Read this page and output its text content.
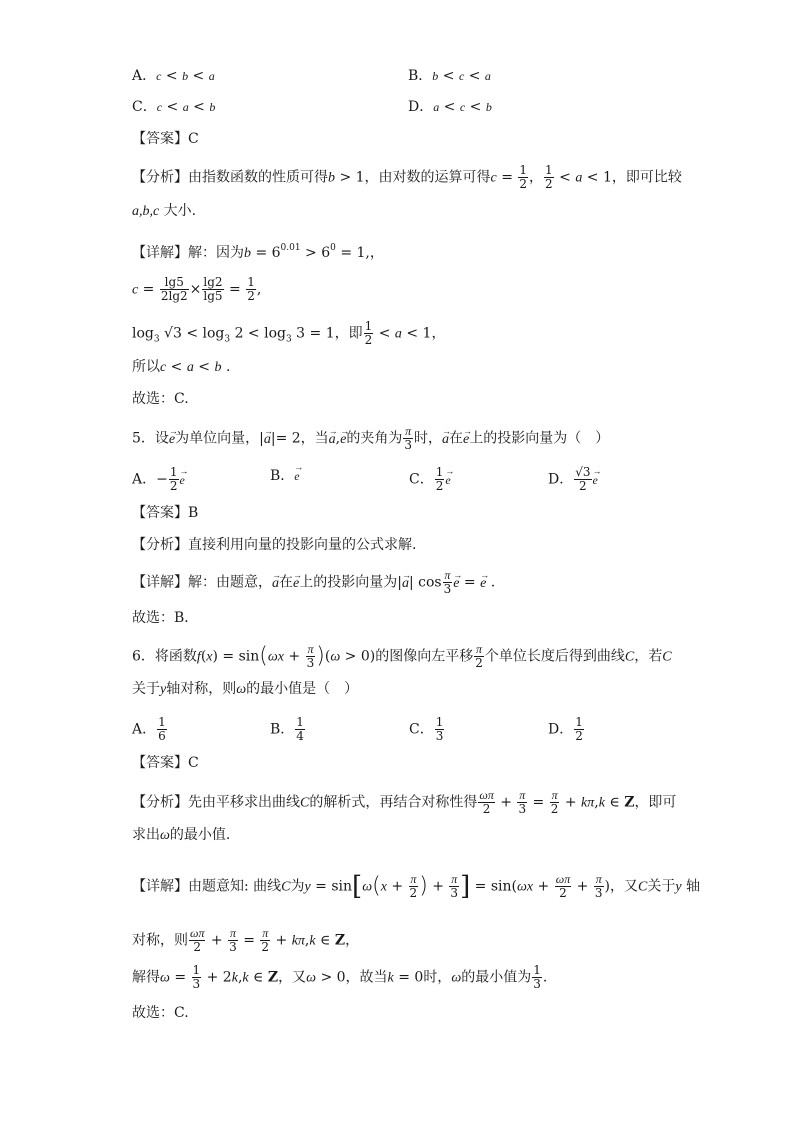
A．c < b < a	B．b < c < a
C．c < a < b	D．a < c < b
【答案】C
【分析】由指数函数的性质可得b > 1，由对数的运算可得$c = \frac{1}{2}$ ， $\frac{1}{2} < a < 1$，即可比较
a,b,c 大小.
【详解】解：因为$b = 6^{0.01} > 6^0 = 1$,，
$c = \frac{\lg 5}{2\lg 2} \times \frac{\lg 2}{\lg 5} = \frac{1}{2}$ ,
$\log_3 √3 < \log_3 2 < \log_3 3 = 1$，即 $\frac{1}{2} < a < 1$，
所以c < a < b .
故选：C.
5．设→ e为单位向量，|→ a|= 2，当→ a,→ e的夹角为 $\frac{\pi}{3}$ 时，→ a在→ e上的投影向量为（　）
A．− $\frac{1}{2}$
→ e	B．→ e	C． $\frac{1}{2}$
→ e	D． $\frac{√3}{2}$
→ e
【答案】B
【分析】直接利用向量的投影向量的公式求解.
【详解】解：由题意，→ a在→ e上的投影向量为|→ a| $\cos \frac{\pi}{3}$
→ e = → e .
故选：B．
6．将函数$f(x) = \sin(\omega x + \frac{\pi}{3} )(\omega > 0)$的图像向左平移 $\frac{\pi}{2}$ 个单位长度后得到曲线C，若C
关于y轴对称，则ω的最小值是（　）
A． $\frac{1}{6}$	B． $\frac{1}{4}$	C． $\frac{1}{3}$	D． $\frac{1}{2}$
【答案】C
【分析】先由平移求出曲线C的解析式，再结合对称性得 $\frac{\omega\pi}{2} + \frac{\pi}{3} = \frac{\pi}{2} + k\pi,k$ ∈ Z，即可
求出ω的最小值.
【详解】由题意知: 曲线C为$y = \sin[\omega(x + \frac{\pi}{2}$ ) + $\frac{\pi}{3}$ ] = $\sin(\omega x + \frac{\omega\pi}{2} + \frac{\pi}{3}$ )，又C关于y 轴
对称，则 $\frac{\omega\pi}{2} + \frac{\pi}{3} = \frac{\pi}{2} + k\pi,k$ ∈ Z，
解得$\omega = \frac{1}{3} + 2k,k$ ∈ Z，又ω > 0，故当k = 0时，ω的最小值为 $\frac{1}{3}$ .
故选：C.
